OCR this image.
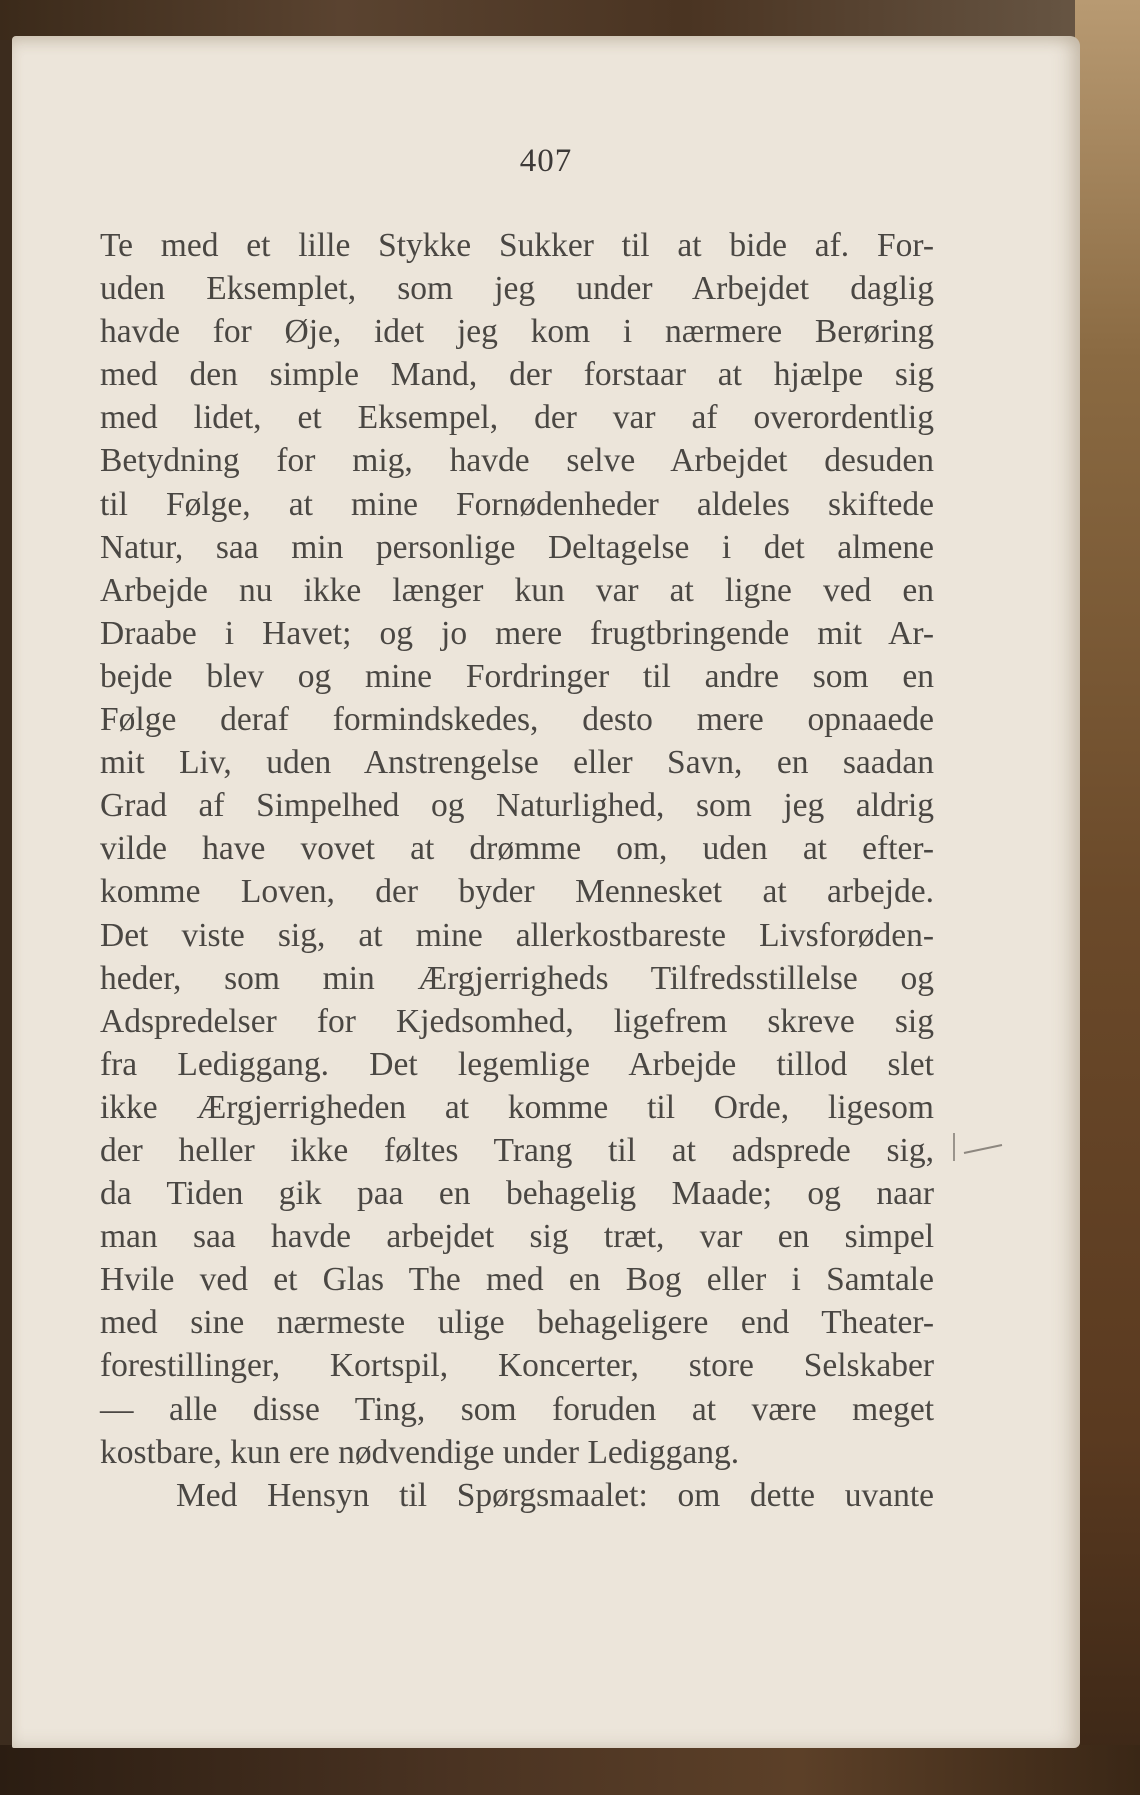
407
Te med et lille Stykke Sukker til at bide af. For-
uden Eksemplet, som jeg under Arbejdet daglig
havde for Øje, idet jeg kom i nærmere Berøring
med den simple Mand, der forstaar at hjælpe sig
med lidet, et Eksempel, der var af overordentlig
Betydning for mig, havde selve Arbejdet desuden
til Følge, at mine Fornødenheder aldeles skiftede
Natur, saa min personlige Deltagelse i det almene
Arbejde nu ikke længer kun var at ligne ved en
Draabe i Havet; og jo mere frugtbringende mit Ar-
bejde blev og mine Fordringer til andre som en
Følge deraf formindskedes, desto mere opnaaede
mit Liv, uden Anstrengelse eller Savn, en saadan
Grad af Simpelhed og Naturlighed, som jeg aldrig
vilde have vovet at drømme om, uden at efter-
komme Loven, der byder Mennesket at arbejde.
Det viste sig, at mine allerkostbareste Livsforøden-
heder, som min Ærgjerrigheds Tilfredsstillelse og
Adspredelser for Kjedsomhed, ligefrem skreve sig
fra Lediggang. Det legemlige Arbejde tillod slet
ikke Ærgjerrigheden at komme til Orde, ligesom
der heller ikke føltes Trang til at adsprede sig,
da Tiden gik paa en behagelig Maade; og naar
man saa havde arbejdet sig træt, var en simpel
Hvile ved et Glas The med en Bog eller i Samtale
med sine nærmeste ulige behageligere end Theater-
forestillinger, Kortspil, Koncerter, store Selskaber
— alle disse Ting, som foruden at være meget
kostbare, kun ere nødvendige under Lediggang.
Med Hensyn til Spørgsmaalet: om dette uvante
